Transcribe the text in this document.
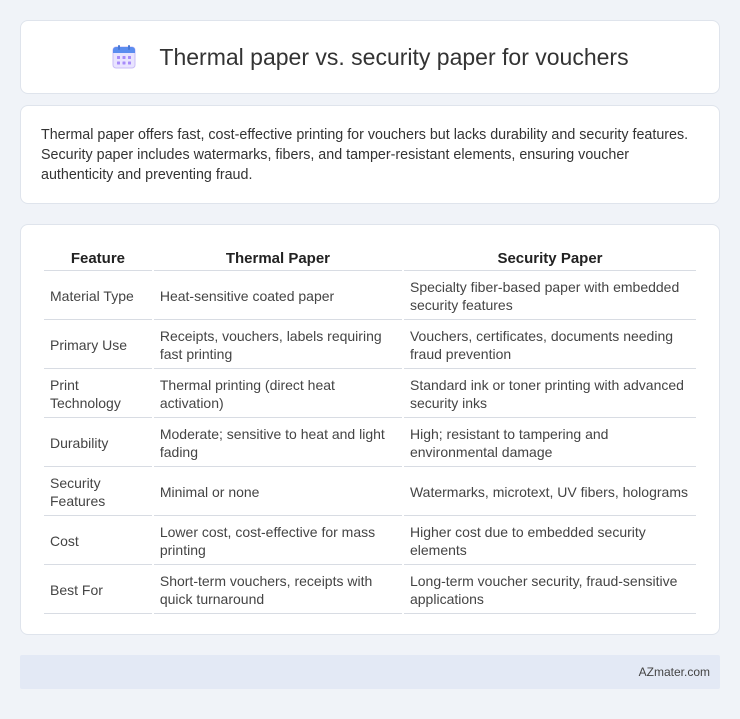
Thermal paper vs. security paper for vouchers

Thermal paper offers fast, cost-effective printing for vouchers but lacks durability and security features. Security paper includes watermarks, fibers, and tamper-resistant elements, ensuring voucher authenticity and preventing fraud.

Feature	Thermal Paper	Security Paper
Material Type	Heat-sensitive coated paper	Specialty fiber-based paper with embedded security features
Primary Use	Receipts, vouchers, labels requiring fast printing	Vouchers, certificates, documents needing fraud prevention
Print Technology	Thermal printing (direct heat activation)	Standard ink or toner printing with advanced security inks
Durability	Moderate; sensitive to heat and light fading	High; resistant to tampering and environmental damage
Security Features	Minimal or none	Watermarks, microtext, UV fibers, holograms
Cost	Lower cost, cost-effective for mass printing	Higher cost due to embedded security elements
Best For	Short-term vouchers, receipts with quick turnaround	Long-term voucher security, fraud-sensitive applications
AZmater.com
